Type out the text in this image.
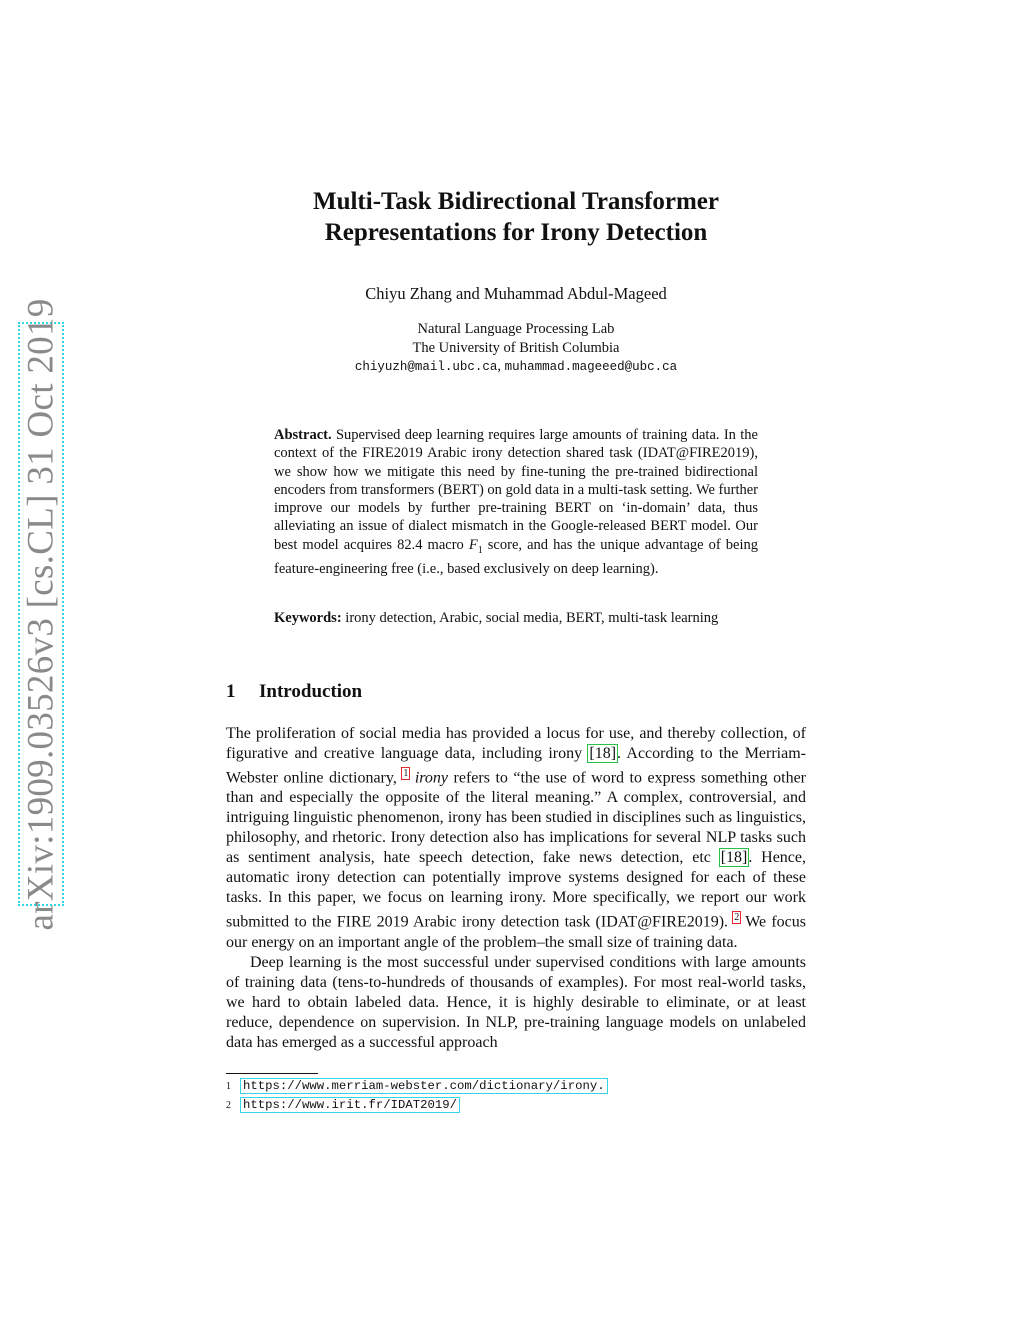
arXiv:1909.03526v3 [cs.CL] 31 Oct 2019
Multi-Task Bidirectional Transformer
Representations for Irony Detection
Chiyu Zhang and Muhammad Abdul-Mageed
Natural Language Processing Lab
The University of British Columbia
chiyuzh@mail.ubc.ca, muhammad.mageeed@ubc.ca
Abstract. Supervised deep learning requires large amounts of training data. In the context of the FIRE2019 Arabic irony detection shared task (IDAT@FIRE2019), we show how we mitigate this need by fine-tuning the pre-trained bidirectional encoders from transformers (BERT) on gold data in a multi-task setting. We further improve our models by further pre-training BERT on ‘in-domain’ data, thus alleviating an issue of dialect mismatch in the Google-released BERT model. Our best model acquires 82.4 macro $F_1$ score, and has the unique advantage of being feature-engineering free (i.e., based exclusively on deep learning).
Keywords: irony detection, Arabic, social media, BERT, multi-task learning
1 Introduction

The proliferation of social media has provided a locus for use, and thereby collection, of figurative and creative language data, including irony [18]. According to the Merriam-Webster online dictionary, $^1$ irony refers to “the use of word to express something other than and especially the opposite of the literal meaning.” A complex, controversial, and intriguing linguistic phenomenon, irony has been studied in disciplines such as linguistics, philosophy, and rhetoric. Irony detection also has implications for several NLP tasks such as sentiment analysis, hate speech detection, fake news detection, etc [18]. Hence, automatic irony detection can potentially improve systems designed for each of these tasks. In this paper, we focus on learning irony. More specifically, we report our work submitted to the FIRE 2019 Arabic irony detection task (IDAT@FIRE2019). $^2$ We focus our energy on an important angle of the problem–the small size of training data.

Deep learning is the most successful under supervised conditions with large amounts of training data (tens-to-hundreds of thousands of examples). For most real-world tasks, we hard to obtain labeled data. Hence, it is highly desirable to eliminate, or at least reduce, dependence on supervision. In NLP, pre-training language models on unlabeled data has emerged as a successful approach

1 https://www.merriam-webster.com/dictionary/irony.
2 https://www.irit.fr/IDAT2019/
